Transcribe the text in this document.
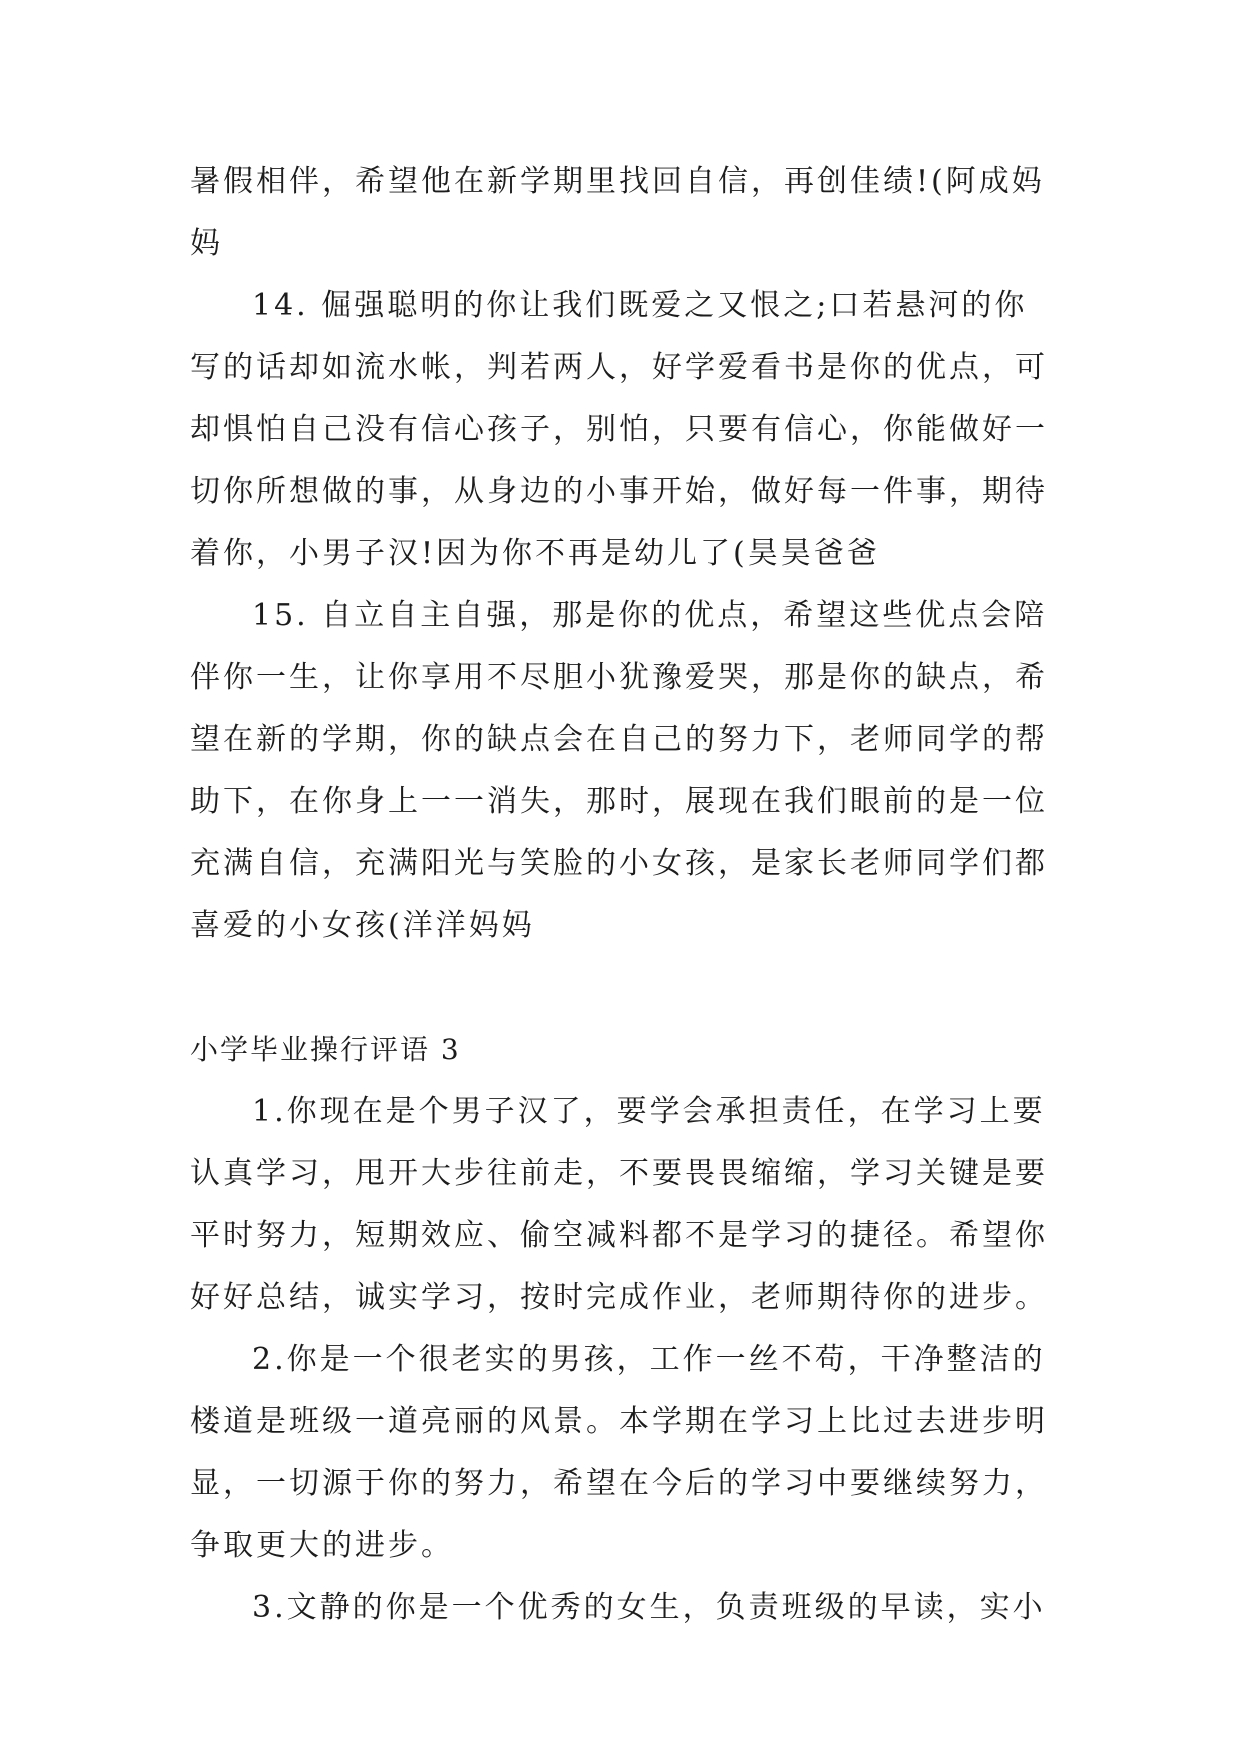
暑假相伴，希望他在新学期里找回自信，再创佳绩!(阿成妈
妈
14. 倔强聪明的你让我们既爱之又恨之;口若悬河的你
写的话却如流水帐，判若两人，好学爱看书是你的优点，可
却惧怕自己没有信心孩子，别怕，只要有信心，你能做好一
切你所想做的事，从身边的小事开始，做好每一件事，期待
着你，小男子汉!因为你不再是幼儿了(昊昊爸爸
15. 自立自主自强，那是你的优点，希望这些优点会陪
伴你一生，让你享用不尽胆小犹豫爱哭，那是你的缺点，希
望在新的学期，你的缺点会在自己的努力下，老师同学的帮
助下，在你身上一一消失，那时，展现在我们眼前的是一位
充满自信，充满阳光与笑脸的小女孩，是家长老师同学们都
喜爱的小女孩(洋洋妈妈
小学毕业操行评语 3
1.你现在是个男子汉了，要学会承担责任，在学习上要
认真学习，甩开大步往前走，不要畏畏缩缩，学习关键是要
平时努力，短期效应、偷空减料都不是学习的捷径。希望你
好好总结，诚实学习，按时完成作业，老师期待你的进步。
2.你是一个很老实的男孩，工作一丝不苟，干净整洁的
楼道是班级一道亮丽的风景。本学期在学习上比过去进步明
显，一切源于你的努力，希望在今后的学习中要继续努力，
争取更大的进步。
3.文静的你是一个优秀的女生，负责班级的早读，实小
